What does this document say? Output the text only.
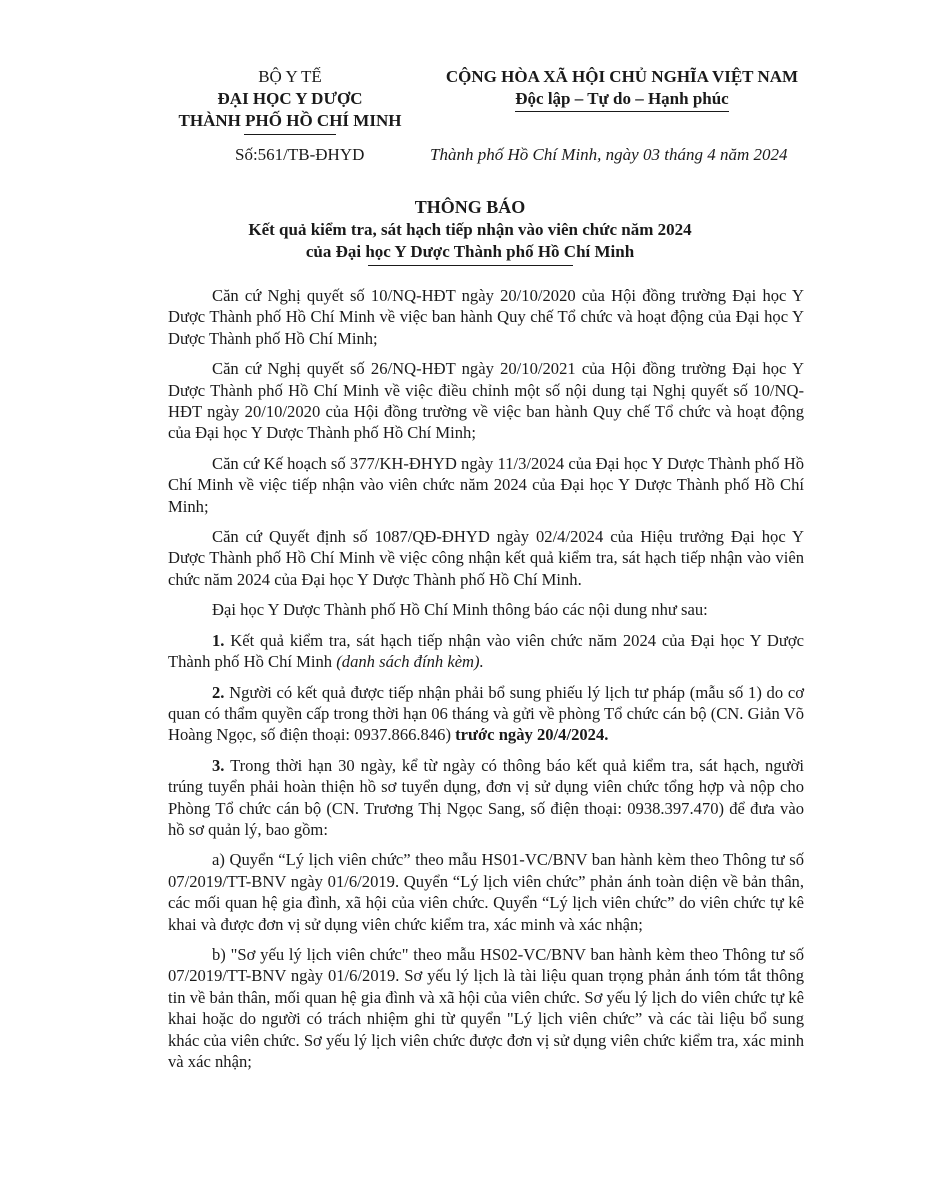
BỘ Y TẾ
ĐẠI HỌC Y DƯỢC
THÀNH PHỐ HỒ CHÍ MINH
CỘNG HÒA XÃ HỘI CHỦ NGHĨA VIỆT NAM
Độc lập – Tự do – Hạnh phúc
Số:561/TB-ĐHYD	Thành phố Hồ Chí Minh, ngày 03 tháng 4 năm 2024
THÔNG BÁO
Kết quả kiểm tra, sát hạch tiếp nhận vào viên chức năm 2024
của Đại học Y Dược Thành phố Hồ Chí Minh

Căn cứ Nghị quyết số 10/NQ-HĐT ngày 20/10/2020 của Hội đồng trường Đại học Y Dược Thành phố Hồ Chí Minh về việc ban hành Quy chế Tổ chức và hoạt động của Đại học Y Dược Thành phố Hồ Chí Minh;

Căn cứ Nghị quyết số 26/NQ-HĐT ngày 20/10/2021 của Hội đồng trường Đại học Y Dược Thành phố Hồ Chí Minh về việc điều chỉnh một số nội dung tại Nghị quyết số 10/NQ-HĐT ngày 20/10/2020 của Hội đồng trường về việc ban hành Quy chế Tổ chức và hoạt động của Đại học Y Dược Thành phố Hồ Chí Minh;

Căn cứ Kế hoạch số 377/KH-ĐHYD ngày 11/3/2024 của Đại học Y Dược Thành phố Hồ Chí Minh về việc tiếp nhận vào viên chức năm 2024 của Đại học Y Dược Thành phố Hồ Chí Minh;

Căn cứ Quyết định số 1087/QĐ-ĐHYD ngày 02/4/2024 của Hiệu trưởng Đại học Y Dược Thành phố Hồ Chí Minh về việc công nhận kết quả kiểm tra, sát hạch tiếp nhận vào viên chức năm 2024 của Đại học Y Dược Thành phố Hồ Chí Minh.

Đại học Y Dược Thành phố Hồ Chí Minh thông báo các nội dung như sau:

1. Kết quả kiểm tra, sát hạch tiếp nhận vào viên chức năm 2024 của Đại học Y Dược Thành phố Hồ Chí Minh (danh sách đính kèm).

2. Người có kết quả được tiếp nhận phải bổ sung phiếu lý lịch tư pháp (mẫu số 1) do cơ quan có thẩm quyền cấp trong thời hạn 06 tháng và gửi về phòng Tổ chức cán bộ (CN. Giản Võ Hoàng Ngọc, số điện thoại: 0937.866.846) trước ngày 20/4/2024.

3. Trong thời hạn 30 ngày, kể từ ngày có thông báo kết quả kiểm tra, sát hạch, người trúng tuyển phải hoàn thiện hồ sơ tuyển dụng, đơn vị sử dụng viên chức tổng hợp và nộp cho Phòng Tổ chức cán bộ (CN. Trương Thị Ngọc Sang, số điện thoại: 0938.397.470) để đưa vào hồ sơ quản lý, bao gồm:

a) Quyển “Lý lịch viên chức” theo mẫu HS01-VC/BNV ban hành kèm theo Thông tư số 07/2019/TT-BNV ngày 01/6/2019. Quyển “Lý lịch viên chức” phản ánh toàn diện về bản thân, các mối quan hệ gia đình, xã hội của viên chức. Quyển “Lý lịch viên chức” do viên chức tự kê khai và được đơn vị sử dụng viên chức kiểm tra, xác minh và xác nhận;

b) "Sơ yếu lý lịch viên chức" theo mẫu HS02-VC/BNV ban hành kèm theo Thông tư số 07/2019/TT-BNV ngày 01/6/2019. Sơ yếu lý lịch là tài liệu quan trọng phản ánh tóm tắt thông tin về bản thân, mối quan hệ gia đình và xã hội của viên chức. Sơ yếu lý lịch do viên chức tự kê khai hoặc do người có trách nhiệm ghi từ quyển "Lý lịch viên chức” và các tài liệu bổ sung khác của viên chức. Sơ yếu lý lịch viên chức được đơn vị sử dụng viên chức kiểm tra, xác minh và xác nhận;
